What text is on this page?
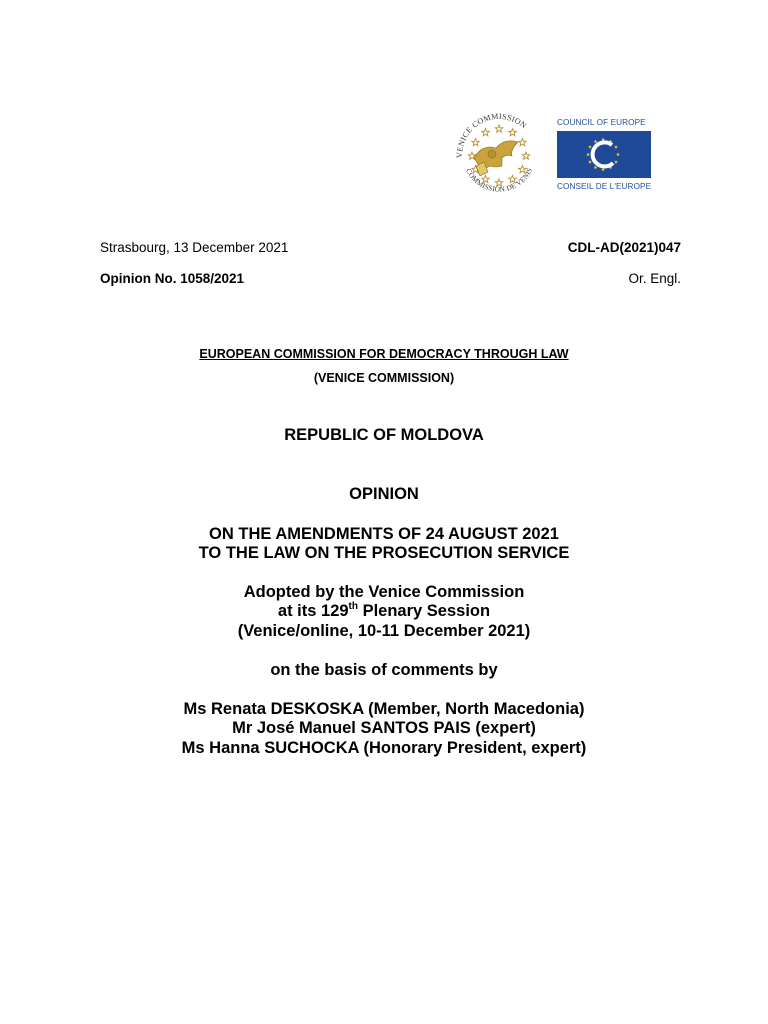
VENICE COMMISSION
COMMISSION DE VENIS
COUNCIL OF EUROPE
CONSEIL DE L'EUROPE
Strasbourg, 13 December 2021	CDL-AD(2021)047
Opinion No. 1058/2021	Or. Engl.
EUROPEAN COMMISSION FOR DEMOCRACY THROUGH LAW
(VENICE COMMISSION)
REPUBLIC OF MOLDOVA
OPINION
ON THE AMENDMENTS OF 24 AUGUST 2021
TO THE LAW ON THE PROSECUTION SERVICE
Adopted by the Venice Commission
at its 129th Plenary Session
(Venice/online, 10-11 December 2021)
on the basis of comments by
Ms Renata DESKOSKA (Member, North Macedonia)
Mr José Manuel SANTOS PAIS (expert)
Ms Hanna SUCHOCKA (Honorary President, expert)
